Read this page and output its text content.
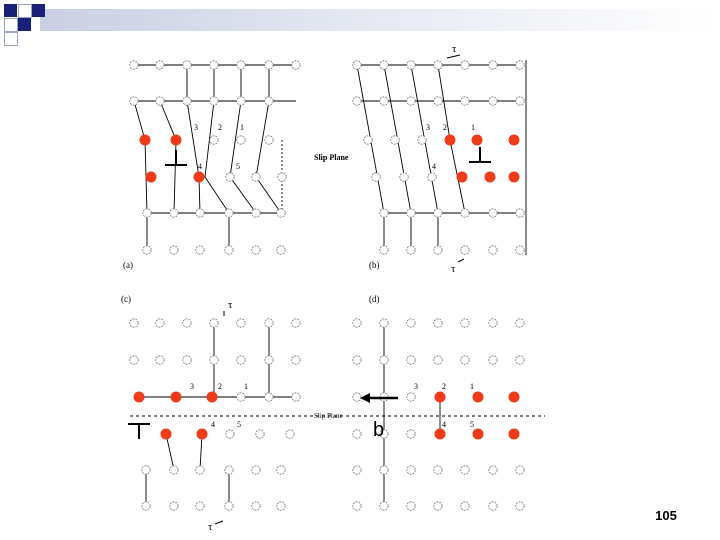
(a)	(b)
(c)	(d)
Slip Plane
Slip Plane
τ
τ
τ
τ
b
3	2 1
4	5
3 2	1
4
3	2	1
4	5
3	2	1
4	5
105
